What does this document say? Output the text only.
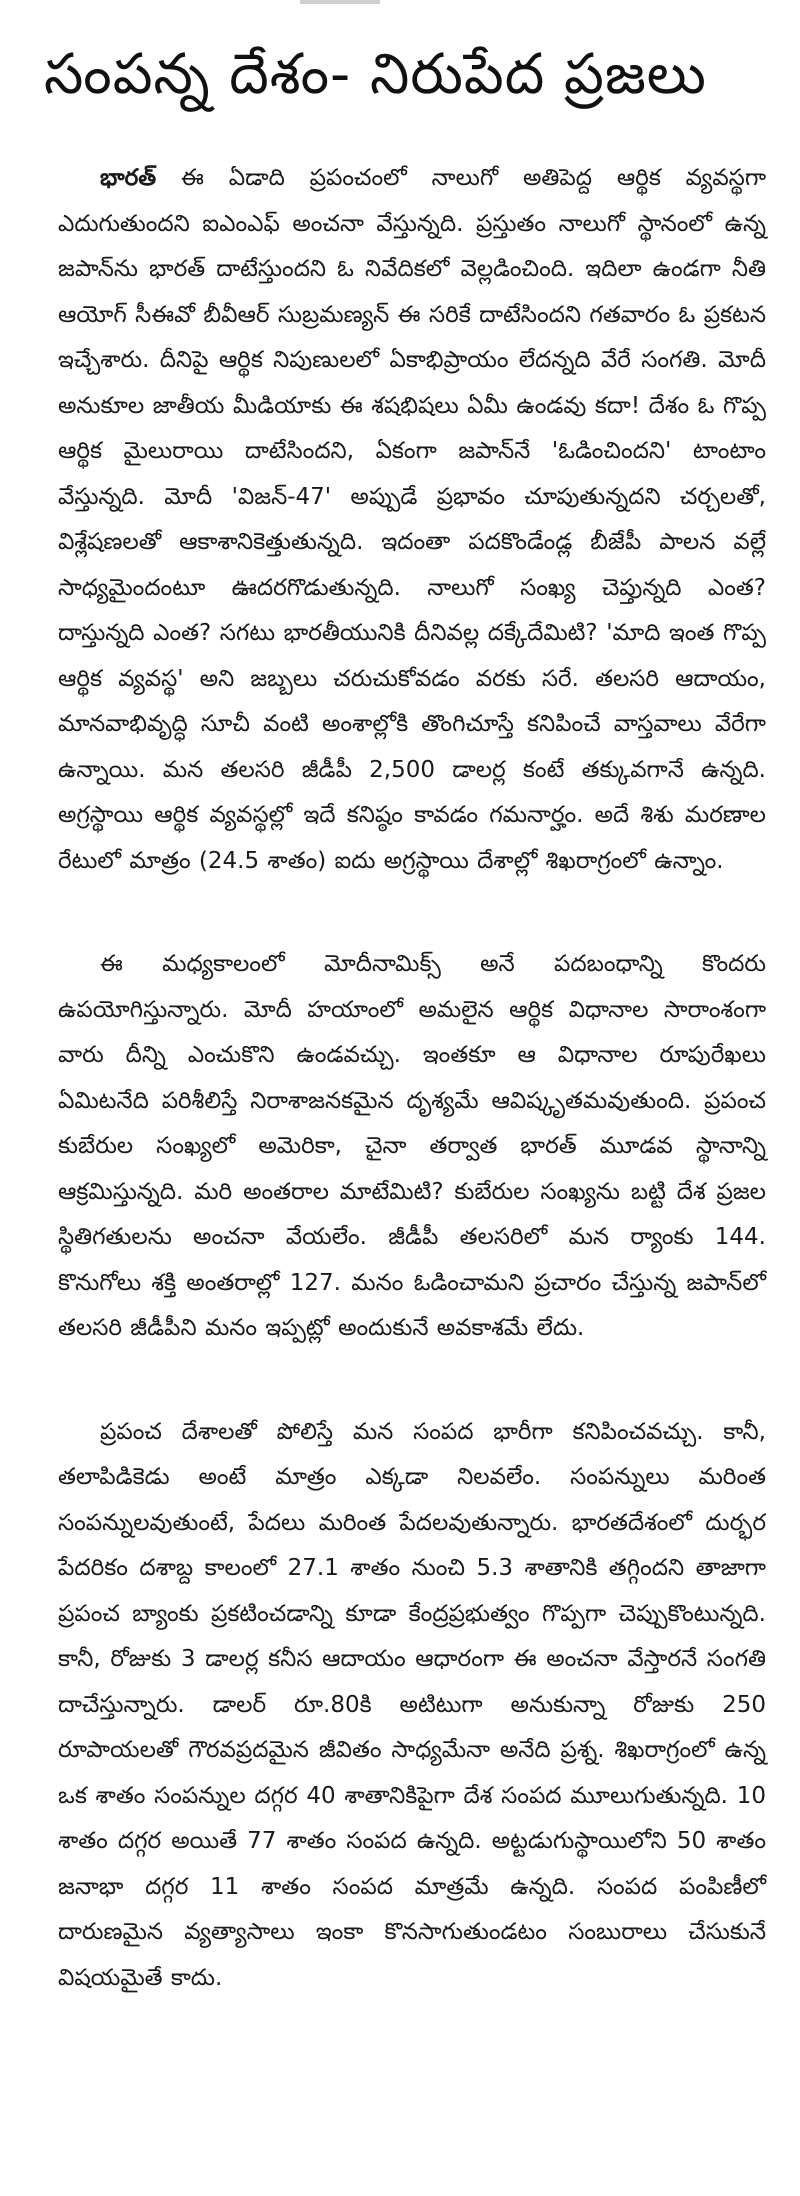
సంపన్న దేశం- నిరుపేద ప్రజలు

భారత్ ఈ ఏడాది ప్రపంచంలో నాలుగో అతిపెద్ద ఆర్థిక వ్యవస్థగా ఎదుగుతుందని ఐఎంఎఫ్ అంచనా వేస్తున్నది. ప్రస్తుతం నాలుగో స్థానంలో ఉన్న జపాన్‌ను భారత్ దాటేస్తుందని ఓ నివేదికలో వెల్లడించింది. ఇదిలా ఉండగా నీతి ఆయోగ్ సీఈవో బీవీఆర్ సుబ్రమణ్యన్ ఈ సరికే దాటేసిందని గతవారం ఓ ప్రకటన ఇచ్చేశారు. దీనిపై ఆర్థిక నిపుణులలో ఏకాభిప్రాయం లేదన్నది వేరే సంగతి. మోదీ అనుకూల జాతీయ మీడియాకు ఈ శషభిషలు ఏమీ ఉండవు కదా! దేశం ఓ గొప్ప ఆర్థిక మైలురాయి దాటేసిందని, ఏకంగా జపాన్‌నే 'ఓడించిందని' టాంటాం వేస్తున్నది. మోదీ 'విజన్-47' అప్పుడే ప్రభావం చూపుతున్నదని చర్చలతో, విశ్లేషణలతో ఆకాశానికెత్తుతున్నది. ఇదంతా పదకొండేండ్ల బీజేపీ పాలన వల్లే సాధ్యమైందంటూ ఊదరగొడుతున్నది. నాలుగో సంఖ్య చెప్తున్నది ఎంత? దాస్తున్నది ఎంత? సగటు భారతీయునికి దీనివల్ల దక్కేదేమిటి? 'మాది ఇంత గొప్ప ఆర్థిక వ్యవస్థ' అని జబ్బలు చరుచుకోవడం వరకు సరే. తలసరి ఆదాయం, మానవాభివృద్ధి సూచీ వంటి అంశాల్లోకి తొంగిచూస్తే కనిపించే వాస్తవాలు వేరేగా ఉన్నాయి. మన తలసరి జీడీపీ 2,500 డాలర్ల కంటే తక్కువగానే ఉన్నది. అగ్రస్థాయి ఆర్థిక వ్యవస్థల్లో ఇదే కనిష్ఠం కావడం గమనార్హం. అదే శిశు మరణాల రేటులో మాత్రం (24.5 శాతం) ఐదు అగ్రస్థాయి దేశాల్లో శిఖరాగ్రంలో ఉన్నాం.

ఈ మధ్యకాలంలో మోదీనామిక్స్ అనే పదబంధాన్ని కొందరు ఉపయోగిస్తున్నారు. మోదీ హయాంలో అమలైన ఆర్థిక విధానాల సారాంశంగా వారు దీన్ని ఎంచుకొని ఉండవచ్చు. ఇంతకూ ఆ విధానాల రూపురేఖలు ఏమిటనేది పరిశీలిస్తే నిరాశాజనకమైన దృశ్యమే ఆవిష్కృతమవుతుంది. ప్రపంచ కుబేరుల సంఖ్యలో అమెరికా, చైనా తర్వాత భారత్ మూడవ స్థానాన్ని ఆక్రమిస్తున్నది. మరి అంతరాల మాటేమిటి? కుబేరుల సంఖ్యను బట్టి దేశ ప్రజల స్థితిగతులను అంచనా వేయలేం. జీడీపీ తలసరిలో మన ర్యాంకు 144. కొనుగోలు శక్తి అంతరాల్లో 127. మనం ఓడించామని ప్రచారం చేస్తున్న జపాన్‌లో తలసరి జీడీపీని మనం ఇప్పట్లో అందుకునే అవకాశమే లేదు.

ప్రపంచ దేశాలతో పోలిస్తే మన సంపద భారీగా కనిపించవచ్చు. కానీ, తలాపిడికెడు అంటే మాత్రం ఎక్కడా నిలవలేం. సంపన్నులు మరింత సంపన్నులవుతుంటే, పేదలు మరింత పేదలవుతున్నారు. భారతదేశంలో దుర్భర పేదరికం దశాబ్ద కాలంలో 27.1 శాతం నుంచి 5.3 శాతానికి తగ్గిందని తాజాగా ప్రపంచ బ్యాంకు ప్రకటించడాన్ని కూడా కేంద్రప్రభుత్వం గొప్పగా చెప్పుకొంటున్నది. కానీ, రోజుకు 3 డాలర్ల కనీస ఆదాయం ఆధారంగా ఈ అంచనా వేస్తారనే సంగతి దాచేస్తున్నారు. డాలర్ రూ.80కి అటిటుగా అనుకున్నా రోజుకు 250 రూపాయలతో గౌరవప్రదమైన జీవితం సాధ్యమేనా అనేది ప్రశ్న. శిఖరాగ్రంలో ఉన్న ఒక శాతం సంపన్నుల దగ్గర 40 శాతానికిపైగా దేశ సంపద మూలుగుతున్నది. 10 శాతం దగ్గర అయితే 77 శాతం సంపద ఉన్నది. అట్టడుగుస్థాయిలోని 50 శాతం జనాభా దగ్గర 11 శాతం సంపద మాత్రమే ఉన్నది. సంపద పంపిణీలో దారుణమైన వ్యత్యాసాలు ఇంకా కొనసాగుతుండటం సంబురాలు చేసుకునే విషయమైతే కాదు.
